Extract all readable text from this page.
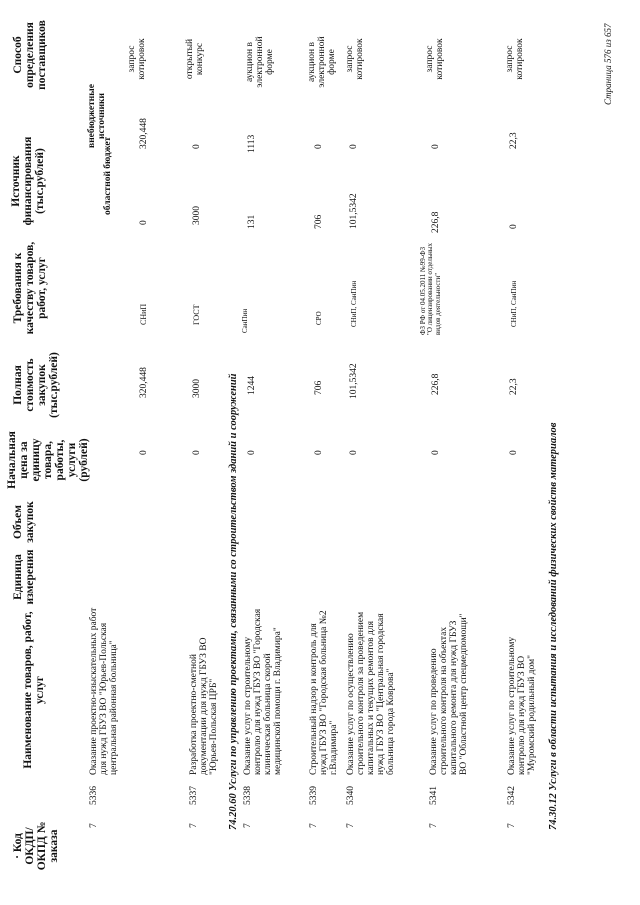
· Код ОКДП/ ОКПД № заказа
Наименование товаров, работ, услуг
Единица измерения
Объем закупок
Начальная цена за единицу товара, работы, услуги (рублей)
Полная стоимость закупок (тыс.рублей)
Требования к качеству товаров, работ, услуг
Источник финансирования (тыс.рублей)	областной бюджет
внебюджетные источники
Способ определения поставщиков
7
5336
Оказание проектно-изыскательных работ для нужд ГБУЗ ВО "Юрьев-Польская центральная районная больница"
0
320,448
СНиП
0
320,448
запрос котировок
7
5337
Разработка проектно-сметной документации для нужд ГБУЗ ВО "Юрьев-Польская ЦРБ"
0
3000
ГОСТ
3000
0
открытый конкурс
74.20.60 Услуги по управлению проектами, связанными со строительством зданий и сооружений
7
5338
Оказание услуг по строительному контролю для нужд ГБУЗ ВО "Городская клиническая больница скорой медицинской помощи г. Владимира"
0
1244
СанПин
131
1113
аукцион в электронной форме
7
5339
Строительный надзор и контроль для нужд ГБУЗ ВО "Городская больница №2 г.Владимира"
0
706
СРО
706
0
аукцион в электронной форме
7
5340
Оказание услуг по осуществлению строительного контроля за проведением капитальных и текущих ремонтов для нужд ГБУЗ ВО "Центральная городская больница города Коврова"
0
101,5342
СНиП, СанПин
101,5342
0
запрос котировок
7
5341
Оказание услуг по проведению строительного контроля на объектах капитального ремонта для нужд ГБУЗ ВО "Областной центр спецмедпомощи"
0
226,8
ФЗ РФ от 04.05.2011 №99-ФЗ "О лицензировании отдельных видов деятельности"
226,8
0
запрос котировок
7
5342
Оказание услуг по строительному контролю для нужд ГБУЗ ВО "Муромский родильный дом"
0
22,3
СНиП, СанПин
0
22,3
запрос котировок
74.30.12 Услуги в области испытания и исследований физических свойств материалов
Страница 576 из 657
